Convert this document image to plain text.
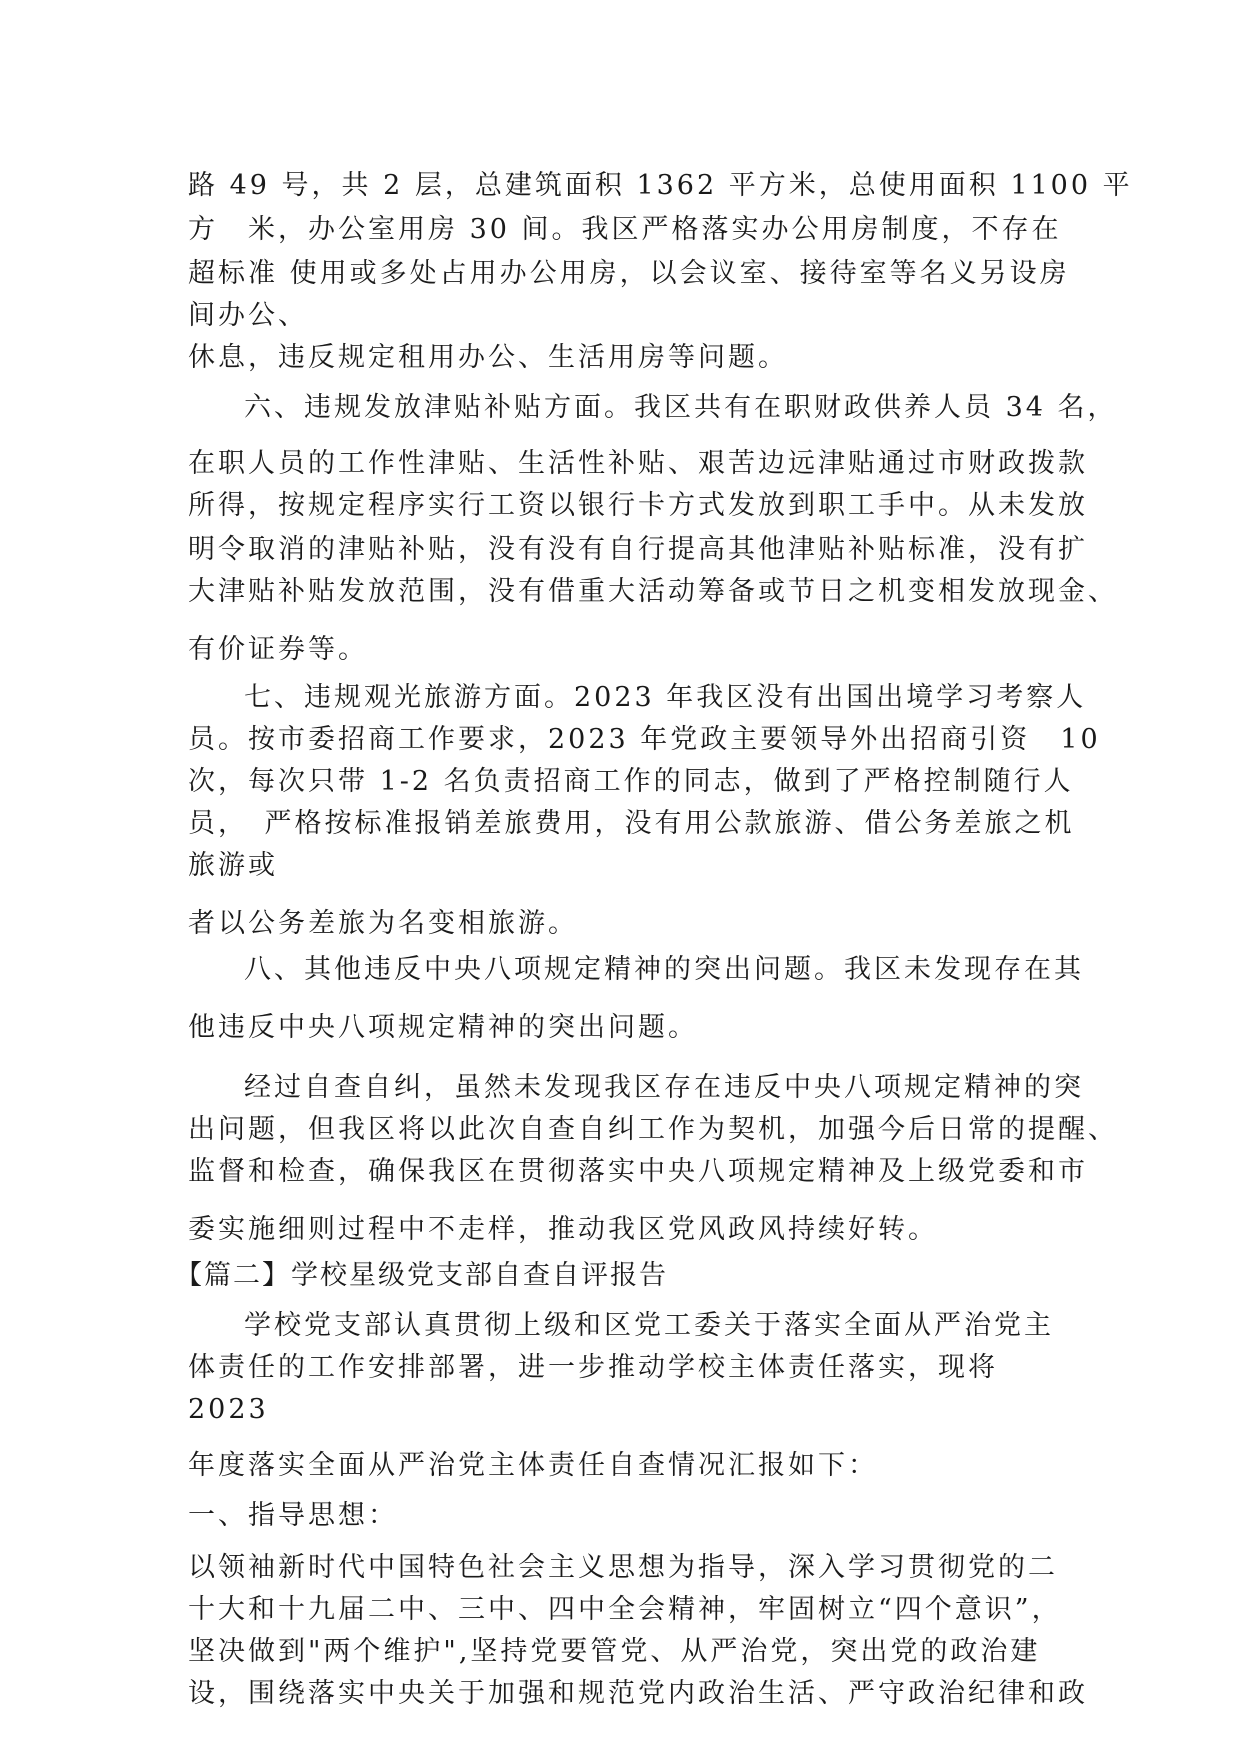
路 49 号，共 2 层，总建筑面积 1362 平方米，总使用面积 1100 平
方　米，办公室用房 30 间。我区严格落实办公用房制度，不存在
超标准 使用或多处占用办公用房，以会议室、接待室等名义另设房
间办公、
休息，违反规定租用办公、生活用房等问题。
六、违规发放津贴补贴方面。我区共有在职财政供养人员 34 名，
在职人员的工作性津贴、生活性补贴、艰苦边远津贴通过市财政拨款
所得，按规定程序实行工资以银行卡方式发放到职工手中。从未发放
明令取消的津贴补贴，没有没有自行提高其他津贴补贴标准，没有扩
大津贴补贴发放范围，没有借重大活动筹备或节日之机变相发放现金、
有价证券等。
七、违规观光旅游方面。2023 年我区没有出国出境学习考察人
员。按市委招商工作要求，2023 年党政主要领导外出招商引资　10
次，每次只带 1-2 名负责招商工作的同志，做到了严格控制随行人
员，　严格按标准报销差旅费用，没有用公款旅游、借公务差旅之机
旅游或
者以公务差旅为名变相旅游。
八、其他违反中央八项规定精神的突出问题。我区未发现存在其
他违反中央八项规定精神的突出问题。
经过自查自纠，虽然未发现我区存在违反中央八项规定精神的突
出问题，但我区将以此次自查自纠工作为契机，加强今后日常的提醒、
监督和检查，确保我区在贯彻落实中央八项规定精神及上级党委和市
委实施细则过程中不走样，推动我区党风政风持续好转。
【篇二】学校星级党支部自查自评报告
学校党支部认真贯彻上级和区党工委关于落实全面从严治党主
体责任的工作安排部署，进一步推动学校主体责任落实，现将
2023
年度落实全面从严治党主体责任自查情况汇报如下：
一、指导思想：
以领袖新时代中国特色社会主义思想为指导，深入学习贯彻党的二
十大和十九届二中、三中、四中全会精神，牢固树立“四个意识”，
坚决做到"两个维护",坚持党要管党、从严治党，突出党的政治建
设，围绕落实中央关于加强和规范党内政治生活、严守政治纪律和政
